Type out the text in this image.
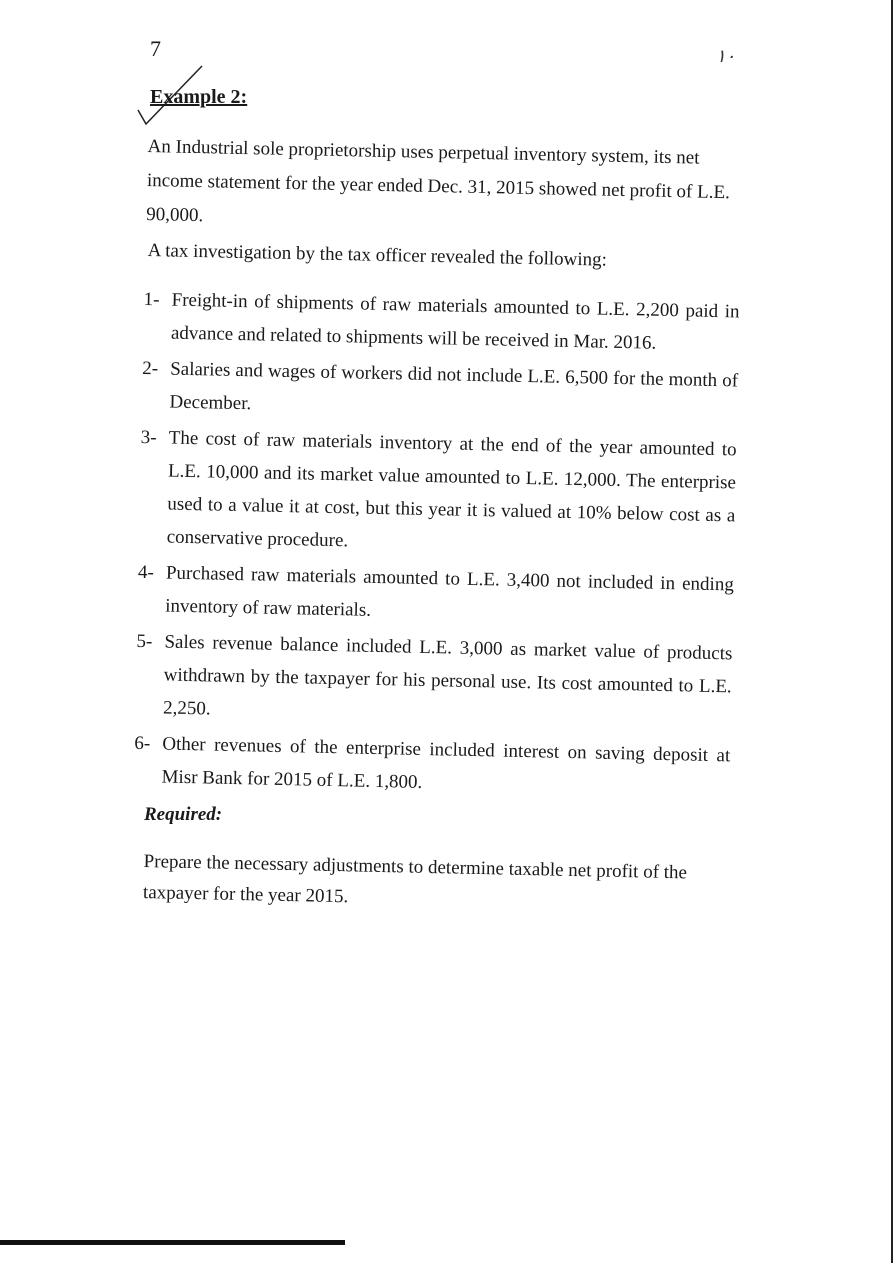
7	۱۰
Example 2:

An Industrial sole proprietorship uses perpetual inventory system, its net income statement for the year ended Dec. 31, 2015 showed net profit of L.E. 90,000.

A tax investigation by the tax officer revealed the following:

1- Freight-in of shipments of raw materials amounted to L.E. 2,200 paid in advance and related to shipments will be received in Mar. 2016.
2- Salaries and wages of workers did not include L.E. 6,500 for the month of December.
3- The cost of raw materials inventory at the end of the year amounted to L.E. 10,000 and its market value amounted to L.E. 12,000. The enterprise used to a value it at cost, but this year it is valued at 10% below cost as a conservative procedure.
4- Purchased raw materials amounted to L.E. 3,400 not included in ending inventory of raw materials.
5- Sales revenue balance included L.E. 3,000 as market value of products withdrawn by the taxpayer for his personal use. Its cost amounted to L.E. 2,250.
6- Other revenues of the enterprise included interest on saving deposit at Misr Bank for 2015 of L.E. 1,800.
Required:

Prepare the necessary adjustments to determine taxable net profit of the taxpayer for the year 2015.
